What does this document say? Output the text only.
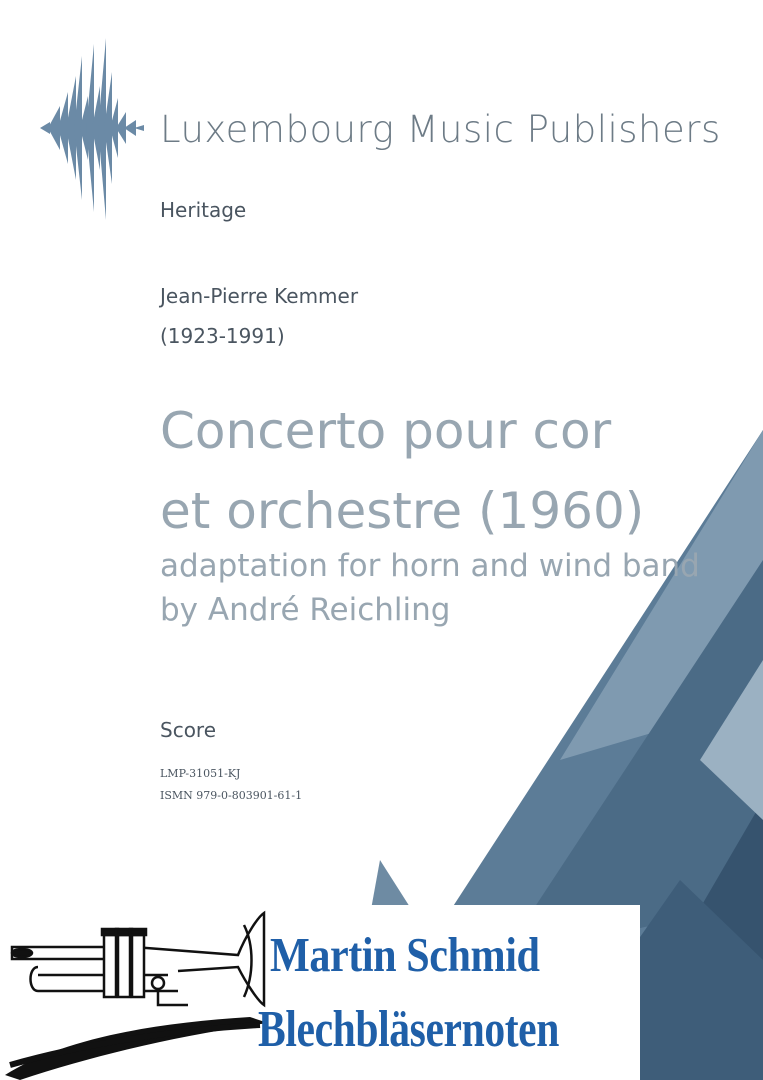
Luxembourg Music Publishers
Heritage
Jean-Pierre Kemmer
(1923-1991)
Concerto pour cor
et orchestre (1960)
adaptation for horn and wind band
by André Reichling
Score
LMP-31051-KJ
ISMN 979-0-803901-61-1
Martin Schmid
Blechbläsernoten
